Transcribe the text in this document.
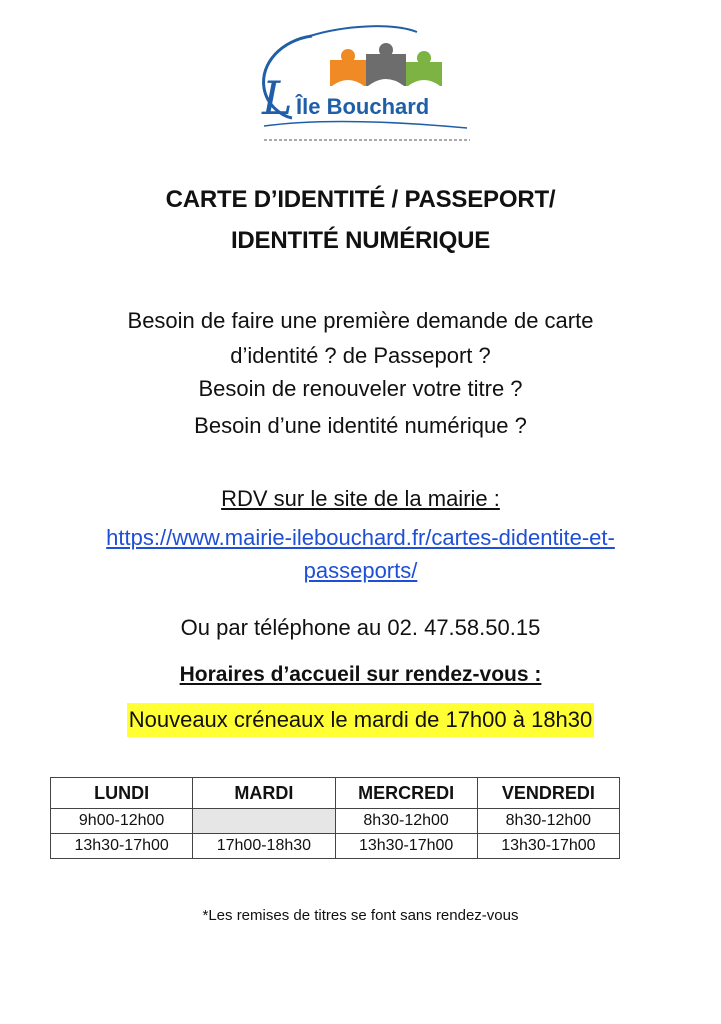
L Île Bouchard
CARTE D’IDENTITÉ / PASSEPORT/
IDENTITÉ NUMÉRIQUE
Besoin de faire une première demande de carte
d’identité ? de Passeport ?
Besoin de renouveler votre titre ?
Besoin d’une identité numérique ?
RDV sur le site de la mairie :
https://www.mairie-ilebouchard.fr/cartes-didentite-et-
passeports/
Ou par téléphone au 02. 47.58.50.15
Horaires d’accueil sur rendez-vous :
Nouveaux créneaux le mardi de 17h00 à 18h30
LUNDI	MARDI	MERCREDI	VENDREDI
9h00-12h00		8h30-12h00	8h30-12h00
13h30-17h00	17h00-18h30	13h30-17h00	13h30-17h00
*Les remises de titres se font sans rendez-vous
